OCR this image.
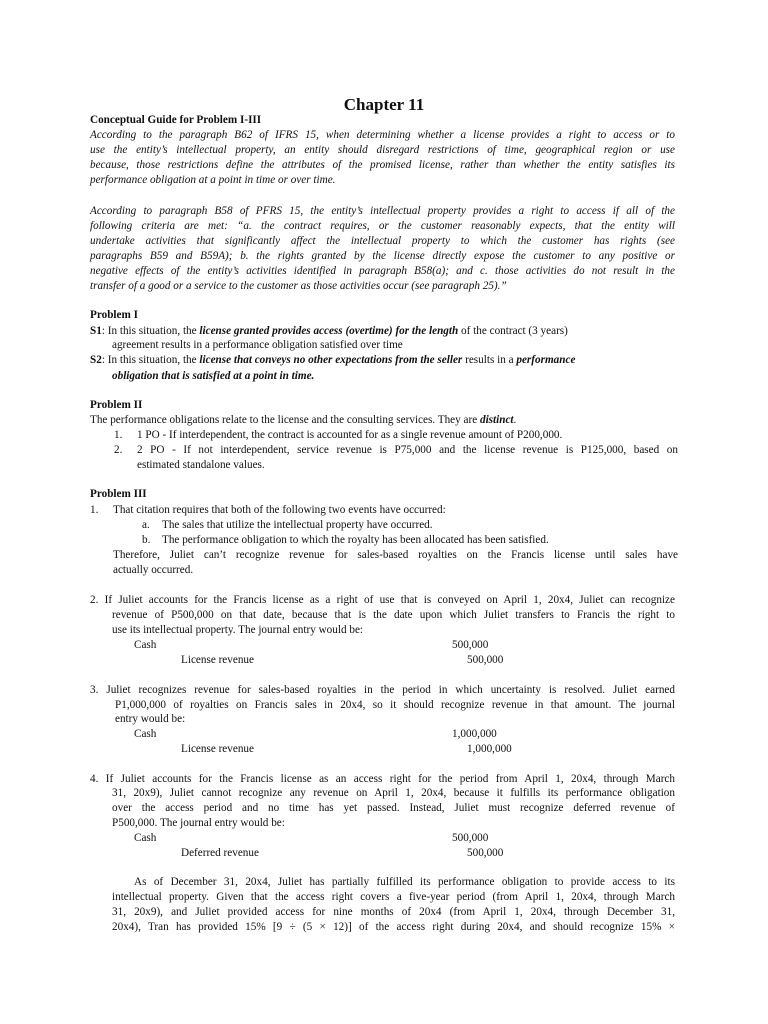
Chapter 11
Conceptual Guide for Problem I-III
According to the paragraph B62 of IFRS 15, when determining whether a license provides a right to access or to
use the entity’s intellectual property, an entity should disregard restrictions of time, geographical region or use
because, those restrictions define the attributes of the promised license, rather than whether the entity satisfies its
performance obligation at a point in time or over time.
According to paragraph B58 of PFRS 15, the entity’s intellectual property provides a right to access if all of the
following criteria are met: “a. the contract requires, or the customer reasonably expects, that the entity will
undertake activities that significantly affect the intellectual property to which the customer has rights (see
paragraphs B59 and B59A); b. the rights granted by the license directly expose the customer to any positive or
negative effects of the entity’s activities identified in paragraph B58(a); and c. those activities do not result in the
transfer of a good or a service to the customer as those activities occur (see paragraph 25).”
Problem I
S1: In this situation, the license granted provides access (overtime) for the length of the contract (3 years)
agreement results in a performance obligation satisfied over time
S2: In this situation, the license that conveys no other expectations from the seller results in a performance
obligation that is satisfied at a point in time.
Problem II
The performance obligations relate to the license and the consulting services. They are distinct.
1. 1 PO - If interdependent, the contract is accounted for as a single revenue amount of P200,000.
2. 2 PO - If not interdependent, service revenue is P75,000 and the license revenue is P125,000, based on
estimated standalone values.
Problem III
1. That citation requires that both of the following two events have occurred:
a. The sales that utilize the intellectual property have occurred.
b. The performance obligation to which the royalty has been allocated has been satisfied.
Therefore, Juliet can’t recognize revenue for sales-based royalties on the Francis license until sales have
actually occurred.
2. If Juliet accounts for the Francis license as a right of use that is conveyed on April 1, 20x4, Juliet can recognize
revenue of P500,000 on that date, because that is the date upon which Juliet transfers to Francis the right to
use its intellectual property. The journal entry would be:
Cash	500,000
License revenue	500,000
3. Juliet recognizes revenue for sales-based royalties in the period in which uncertainty is resolved. Juliet earned
P1,000,000 of royalties on Francis sales in 20x4, so it should recognize revenue in that amount. The journal
entry would be:
Cash	1,000,000
License revenue	1,000,000
4. If Juliet accounts for the Francis license as an access right for the period from April 1, 20x4, through March
31, 20x9), Juliet cannot recognize any revenue on April 1, 20x4, because it fulfills its performance obligation
over the access period and no time has yet passed. Instead, Juliet must recognize deferred revenue of
P500,000. The journal entry would be:
Cash	500,000
Deferred revenue	500,000
As of December 31, 20x4, Juliet has partially fulfilled its performance obligation to provide access to its
intellectual property. Given that the access right covers a five-year period (from April 1, 20x4, through March
31, 20x9), and Juliet provided access for nine months of 20x4 (from April 1, 20x4, through December 31,
20x4), Tran has provided 15% [9 ÷ (5 × 12)] of the access right during 20x4, and should recognize 15% ×
